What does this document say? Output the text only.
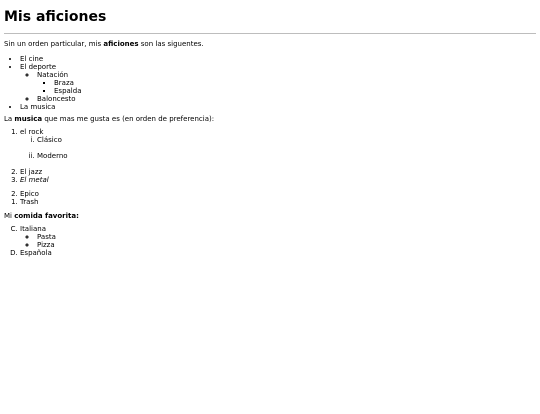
Mis aficiones

Sin un orden particular, mis aficiones son las siguentes.

• El cine
• El deporte
◦ Natación
▪ Braza
▪ Espalda
◦ Baloncesto
• La musica

La musica que mas me gusta es (en orden de preferencia):

1. el rock
i. Clásico
ii. Moderno
2. El jazz
3. El metal
2. Epico
1. Trash

Mi comida favorita:

C. Italiana
◦ Pasta
◦ Pizza
D. Española
